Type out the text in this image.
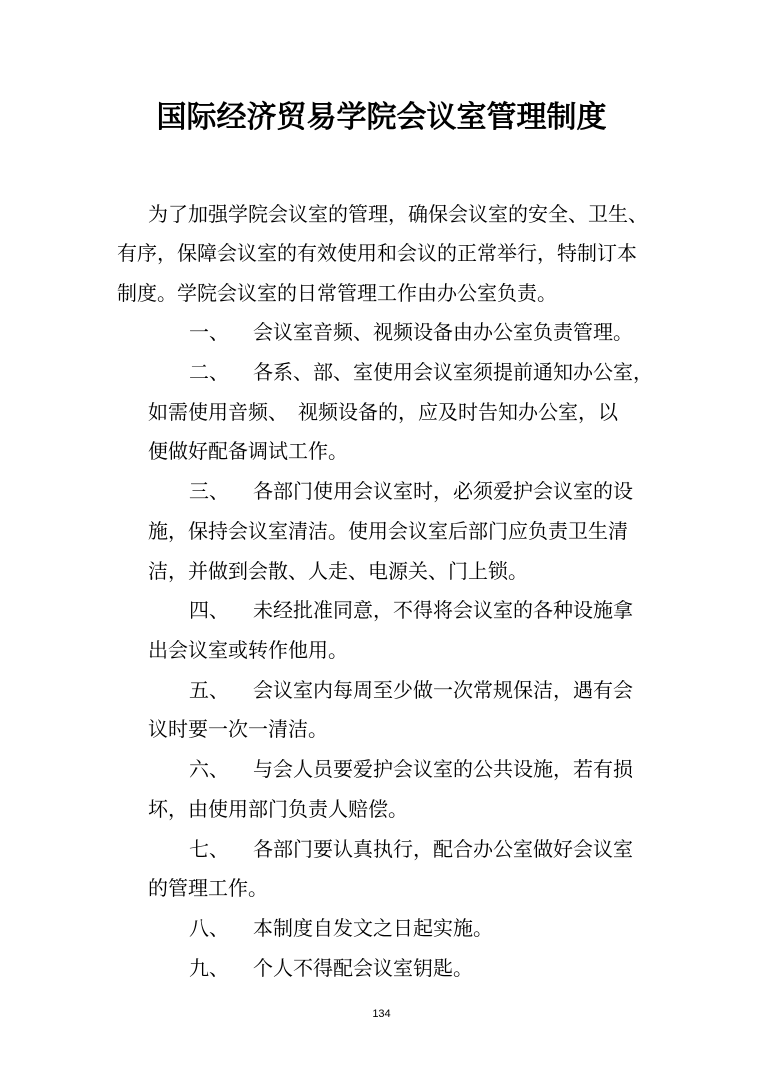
国际经济贸易学院会议室管理制度
为了加强学院会议室的管理，确保会议室的安全、卫生、
有序，保障会议室的有效使用和会议的正常举行，特制订本
制度。学院会议室的日常管理工作由办公室负责。
一、 会议室音频、视频设备由办公室负责管理。
二、 各系、部、室使用会议室须提前通知办公室，
如需使用音频、　视频设备的，应及时告知办公室，以
便做好配备调试工作。
三、 各部门使用会议室时，必须爱护会议室的设
施，保持会议室清洁。使用会议室后部门应负责卫生清
洁，并做到会散、人走、电源关、门上锁。
四、 未经批准同意，不得将会议室的各种设施拿
出会议室或转作他用。
五、 会议室内每周至少做一次常规保洁，遇有会
议时要一次一清洁。
六、 与会人员要爱护会议室的公共设施，若有损
坏，由使用部门负责人赔偿。
七、 各部门要认真执行，配合办公室做好会议室
的管理工作。
八、 本制度自发文之日起实施。
九、 个人不得配会议室钥匙。
134
